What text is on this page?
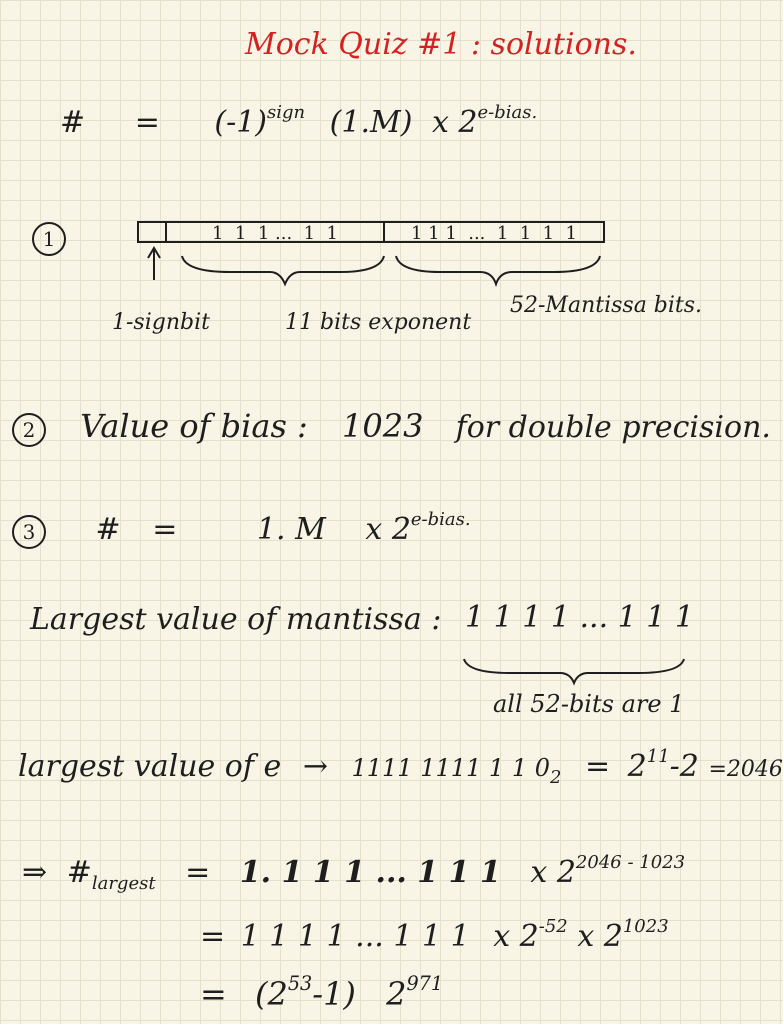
Mock Quiz #1 : solutions.
# = $(-1)^{sign}$ (1.M) x $2^{e-bias.}$
1	1  1  1 ...  1  1	1 1 1  ...  1  1  1  1
1-signbit	11 bits exponent
52-Mantissa bits.
2 Value of bias : 1023 for double precision.
3 # =	1. M x $2^{e-bias.}$
Largest value of mantissa : 1 1 1 1 ... 1 1 1
all 52-bits are 1
largest value of e → 1111 1111 1 1 $0_2 = 2^{11}-2 =2046$
⇒ $\#_{largest} = 1$. 1 1 1 ... 1 1 1 x $2^{2046 - 1023}$
= 1 1 1 1 ... 1 1 1 x $2^{-52}$ x $2^{1023}$
= $(2^{53}-1)$ $2^{971}$
